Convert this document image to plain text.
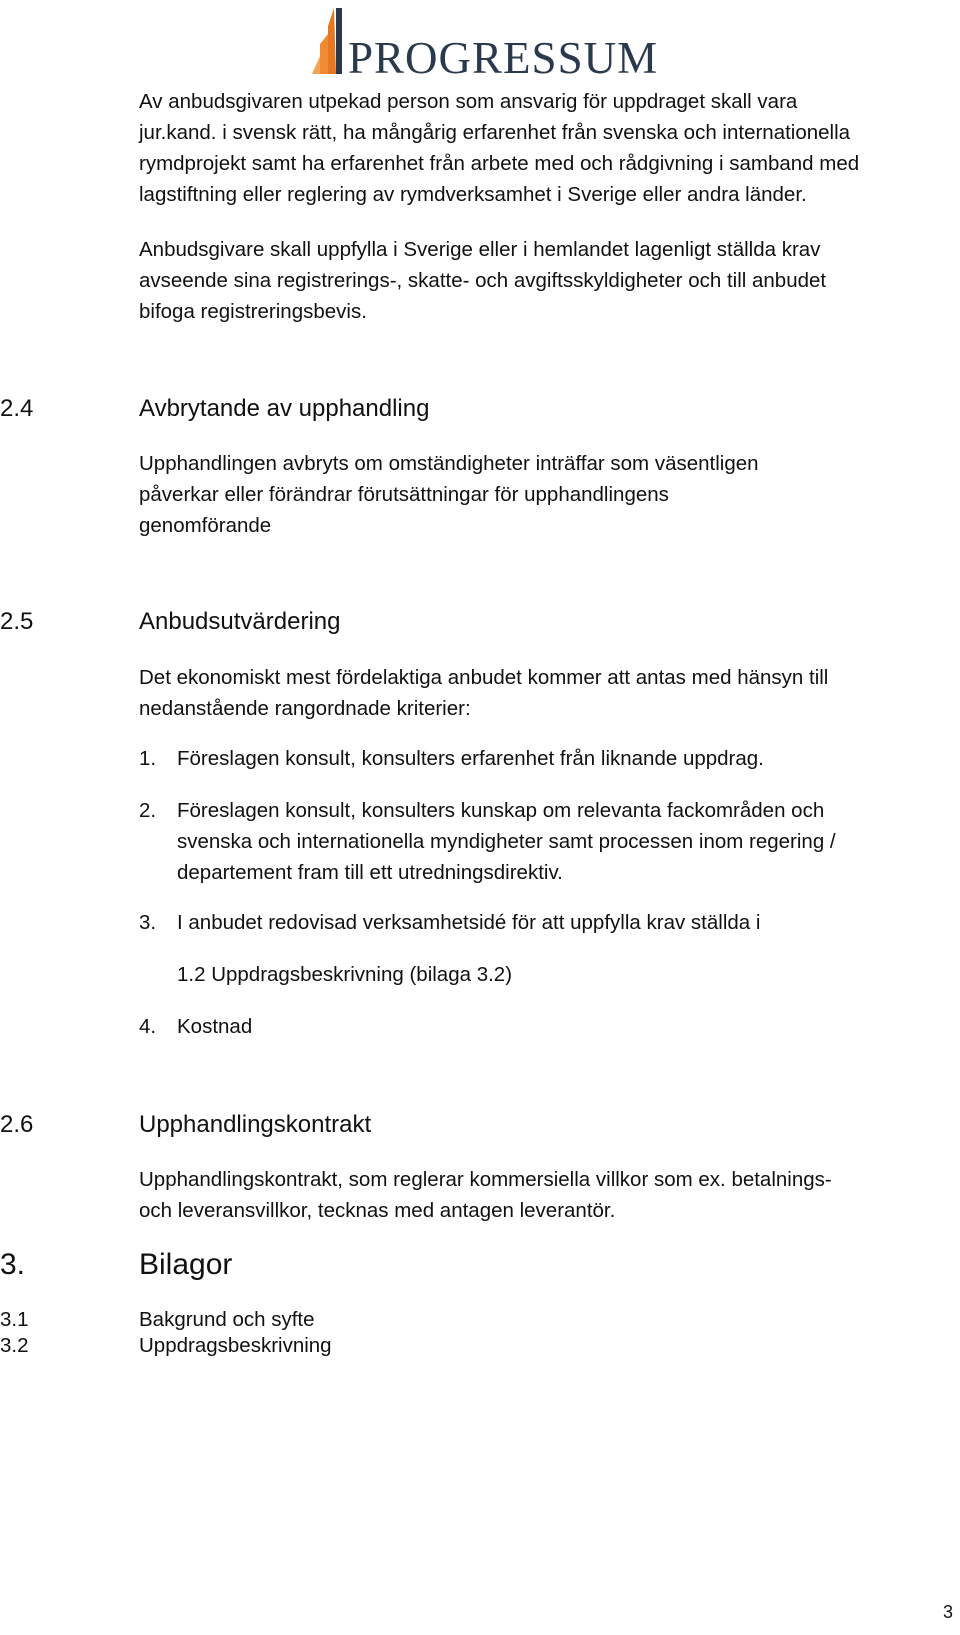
PROGRESSUM
Av anbudsgivaren utpekad person som ansvarig för uppdraget skall vara
jur.kand. i svensk rätt, ha mångårig erfarenhet från svenska och internationella
rymdprojekt samt ha erfarenhet från arbete med och rådgivning i samband med
lagstiftning eller reglering av rymdverksamhet i Sverige eller andra länder.
Anbudsgivare skall uppfylla i Sverige eller i hemlandet lagenligt ställda krav
avseende sina registrerings-, skatte- och avgiftsskyldigheter och till anbudet
bifoga registreringsbevis.
2.4	Avbrytande av upphandling
Upphandlingen avbryts om omständigheter inträffar som väsentligen
påverkar eller förändrar förutsättningar för upphandlingens
genomförande
2.5	Anbudsutvärdering
Det ekonomiskt mest fördelaktiga anbudet kommer att antas med hänsyn till
nedanstående rangordnade kriterier:
1. Föreslagen konsult, konsulters erfarenhet från liknande uppdrag.
2. Föreslagen konsult, konsulters kunskap om relevanta fackområden och
svenska och internationella myndigheter samt processen inom regering /
departement fram till ett utredningsdirektiv.
3. I anbudet redovisad verksamhetsidé för att uppfylla krav ställda i
1.2 Uppdragsbeskrivning (bilaga 3.2)
4. Kostnad
2.6	Upphandlingskontrakt
Upphandlingskontrakt, som reglerar kommersiella villkor som ex. betalnings-
och leveransvillkor, tecknas med antagen leverantör.
3.	Bilagor
3.1	Bakgrund och syfte
3.2	Uppdragsbeskrivning
3
